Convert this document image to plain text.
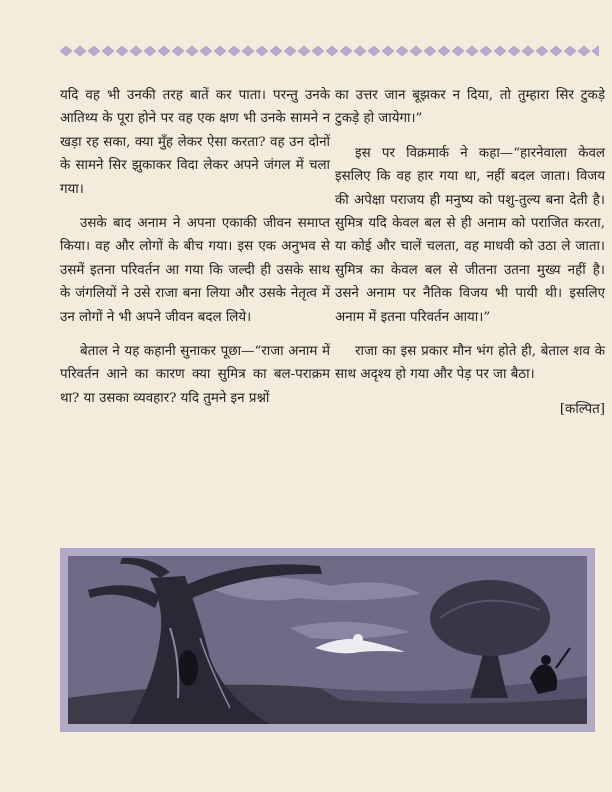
यदि वह भी उनकी तरह बातें कर पाता। परन्तु उनके आतिथ्य के पूरा होने पर वह एक क्षण भी उनके सामने न खड़ा रह सका, क्या मुँह लेकर ऐसा करता? वह उन दोनों के सामने सिर झुकाकर विदा लेकर अपने जंगल में चला गया।

उसके बाद अनाम ने अपना एकाकी जीवन समाप्त किया। वह और लोगों के बीच गया। इस एक अनुभव से उसमें इतना परिवर्तन आ गया कि जल्दी ही उसके साथ के जंगलियों ने उसे राजा बना लिया और उसके नेतृत्व में उन लोगों ने भी अपने जीवन बदल लिये।

बेताल ने यह कहानी सुनाकर पूछा—“राजा अनाम में परिवर्तन आने का कारण क्या सुमित्र का बल-पराक्रम था? या उसका व्यवहार? यदि तुमने इन प्रश्नों

का उत्तर जान बूझकर न दिया, तो तुम्हारा सिर टुकड़े टुकड़े हो जायेगा।”

इस पर विक्रमार्क ने कहा—“हारनेवाला केवल इसलिए कि वह हार गया था, नहीं बदल जाता। विजय की अपेक्षा पराजय ही मनुष्य को पशु-तुल्य बना देती है। सुमित्र यदि केवल बल से ही अनाम को पराजित करता, या कोई और चालें चलता, वह माधवी को उठा ले जाता। सुमित्र का केवल बल से जीतना उतना मुख्य नहीं है। उसने अनाम पर नैतिक विजय भी पायी थी। इसलिए अनाम में इतना परिवर्तन आया।”

राजा का इस प्रकार मौन भंग होते ही, बेताल शव के साथ अदृश्य हो गया और पेड़ पर जा बैठा।

[कल्पित]
